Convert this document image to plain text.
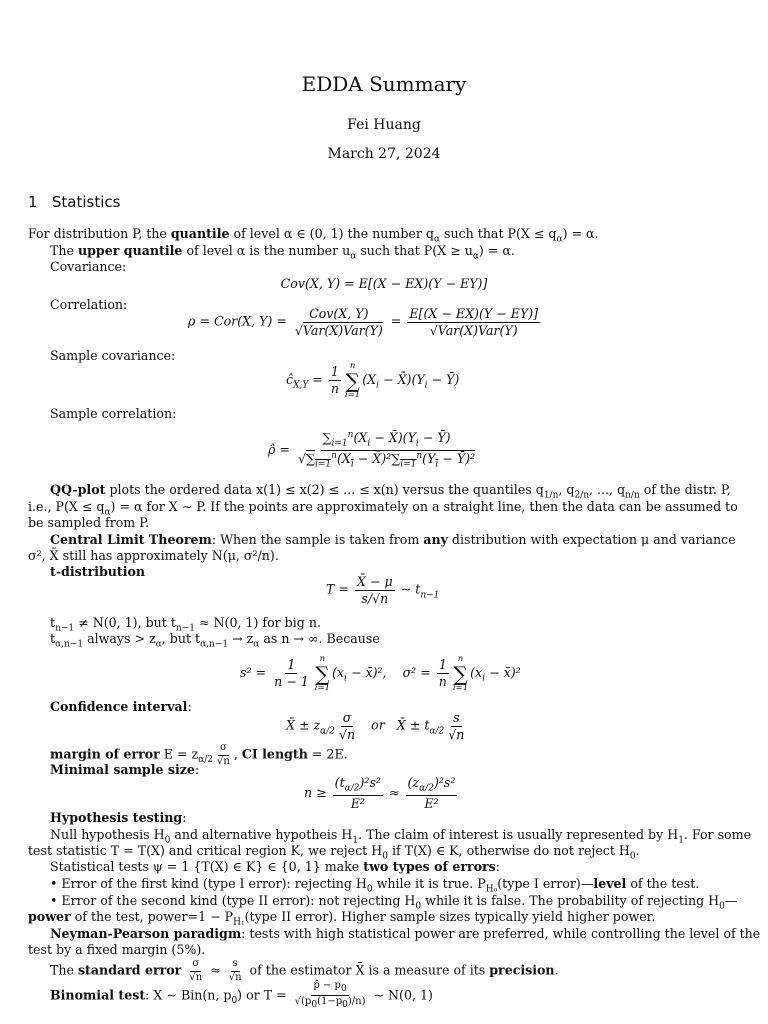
EDDA Summary
Fei Huang
March 27, 2024
1 Statistics
For distribution P, the quantile of level α ∈ (0, 1) the number $q_\alpha$ such that $P(X \le q_\alpha) = \alpha$.
The upper quantile of level α is the number $u_\alpha$ such that $P(X \ge u_\alpha) = \alpha$.
Covariance:
Cov(X, Y) = E[(X − EX)(Y − EY)]
Correlation:
ρ = Cor(X, $Y) = \frac{\text{Cov(X, Y)}}{\text{√Var(X)Var(Y)}} = \frac{E[(X - EX)(Y - EY)]}{\text{√Var(X)Var(Y)}}$
Sample covariance:
$ĉ_{X,Y} = \frac{1}{n}$ n
∑
i=1
($X_i$ − $X̄)(Y_i$ − Ȳ)
Sample correlation:
ρ̂ = $\frac{\sum_{i=1}^n(X_i - X̄)(Y_i - Ȳ)}{√\sum_{i=1}^n(X_i - X̄)^2\sum_{i=1}^n(Y_i - Ȳ)^2}$
QQ-plot plots the ordered data x(1) ≤ x(2) ≤ ... ≤ x(n) versus the quantiles $q_{1/n}$, $q_{2/n}$, ..., $q_{n/n}$ of the distr. P,
i.e., $P(X \le q_\alpha) = \alpha$ for X ∼ P. If the points are approximately on a straight line, then the data can be assumed to
be sampled from P.
Central Limit Theorem: When the sample is taken from any distribution with expectation μ and variance
σ², X̄ still has approximately N(μ, σ²/n).
t-distribution
$T = \frac{X̄ - \mu}{s/√n}$ ∼ $t_{n-1}$
$t_{n-1} \ne N(0$, 1), but $t_{n-1} \approx N(0$, 1) for big n.
$t_{\alpha,n-1}$ always > $z_\alpha$, but $t_{\alpha,n-1} \to z_\alpha$ as n → ∞. Because
$s^2 = \frac{1}{n - 1}$ n
∑
i=1
($x_i$ − x̄)²,    $\sigma^2 = \frac{1}{n}$ n
∑
i=1
($x_i$ − x̄)²
Confidence interval:
X̄ ± $z_{\alpha/2} \frac{\sigma}{√n}$ or   X̄ ± $t_{\alpha/2} \frac{s}{√n}$
margin of error $E = z_{\alpha/2} \frac{\sigma}{√n}$ , CI length = 2E.
Minimal sample size:
$n \ge \frac{(t_{\alpha/2})^2s^2}{\text{E²}} \approx \frac{(z_{\alpha/2})^2s^2}{\text{E²}}$
Hypothesis testing:
Null hypothesis $H_0$ and alternative hypotheis $H_1$. The claim of interest is usually represented by $H_1$. For some
test statistic T = T(X) and critical region K, we reject $H_0$ if T(X) ∈ K, otherwise do not reject $H_0$.
Statistical tests ψ = 1 {T(X) ∈ K} ∈ {0, 1} make two types of errors:
• Error of the first kind (type I error): rejecting $H_0$ while it is true. $P_{H_0}(type$ I error)—level of the test.
• Error of the second kind (type II error): not rejecting $H_0$ while it is false. The probability of rejecting $H_0—$
power of the test, power=1 − $P_{H_1}(type$ II error). Higher sample sizes typically yield higher power.
Neyman-Pearson paradigm: tests with high statistical power are preferred, while controlling the level of the
test by a fixed margin (5%).
The standard error $\frac{\sigma}{√n} \approx \frac{s}{√n}$ of the estimator X̄ is a measure of its precision.
Binomial test: X ∼ Bin(n, $p_0$) or $T = \frac{p̂ - p_0}{√(p_0(1-p_0)/n)}$ ∼ N(0, 1)
